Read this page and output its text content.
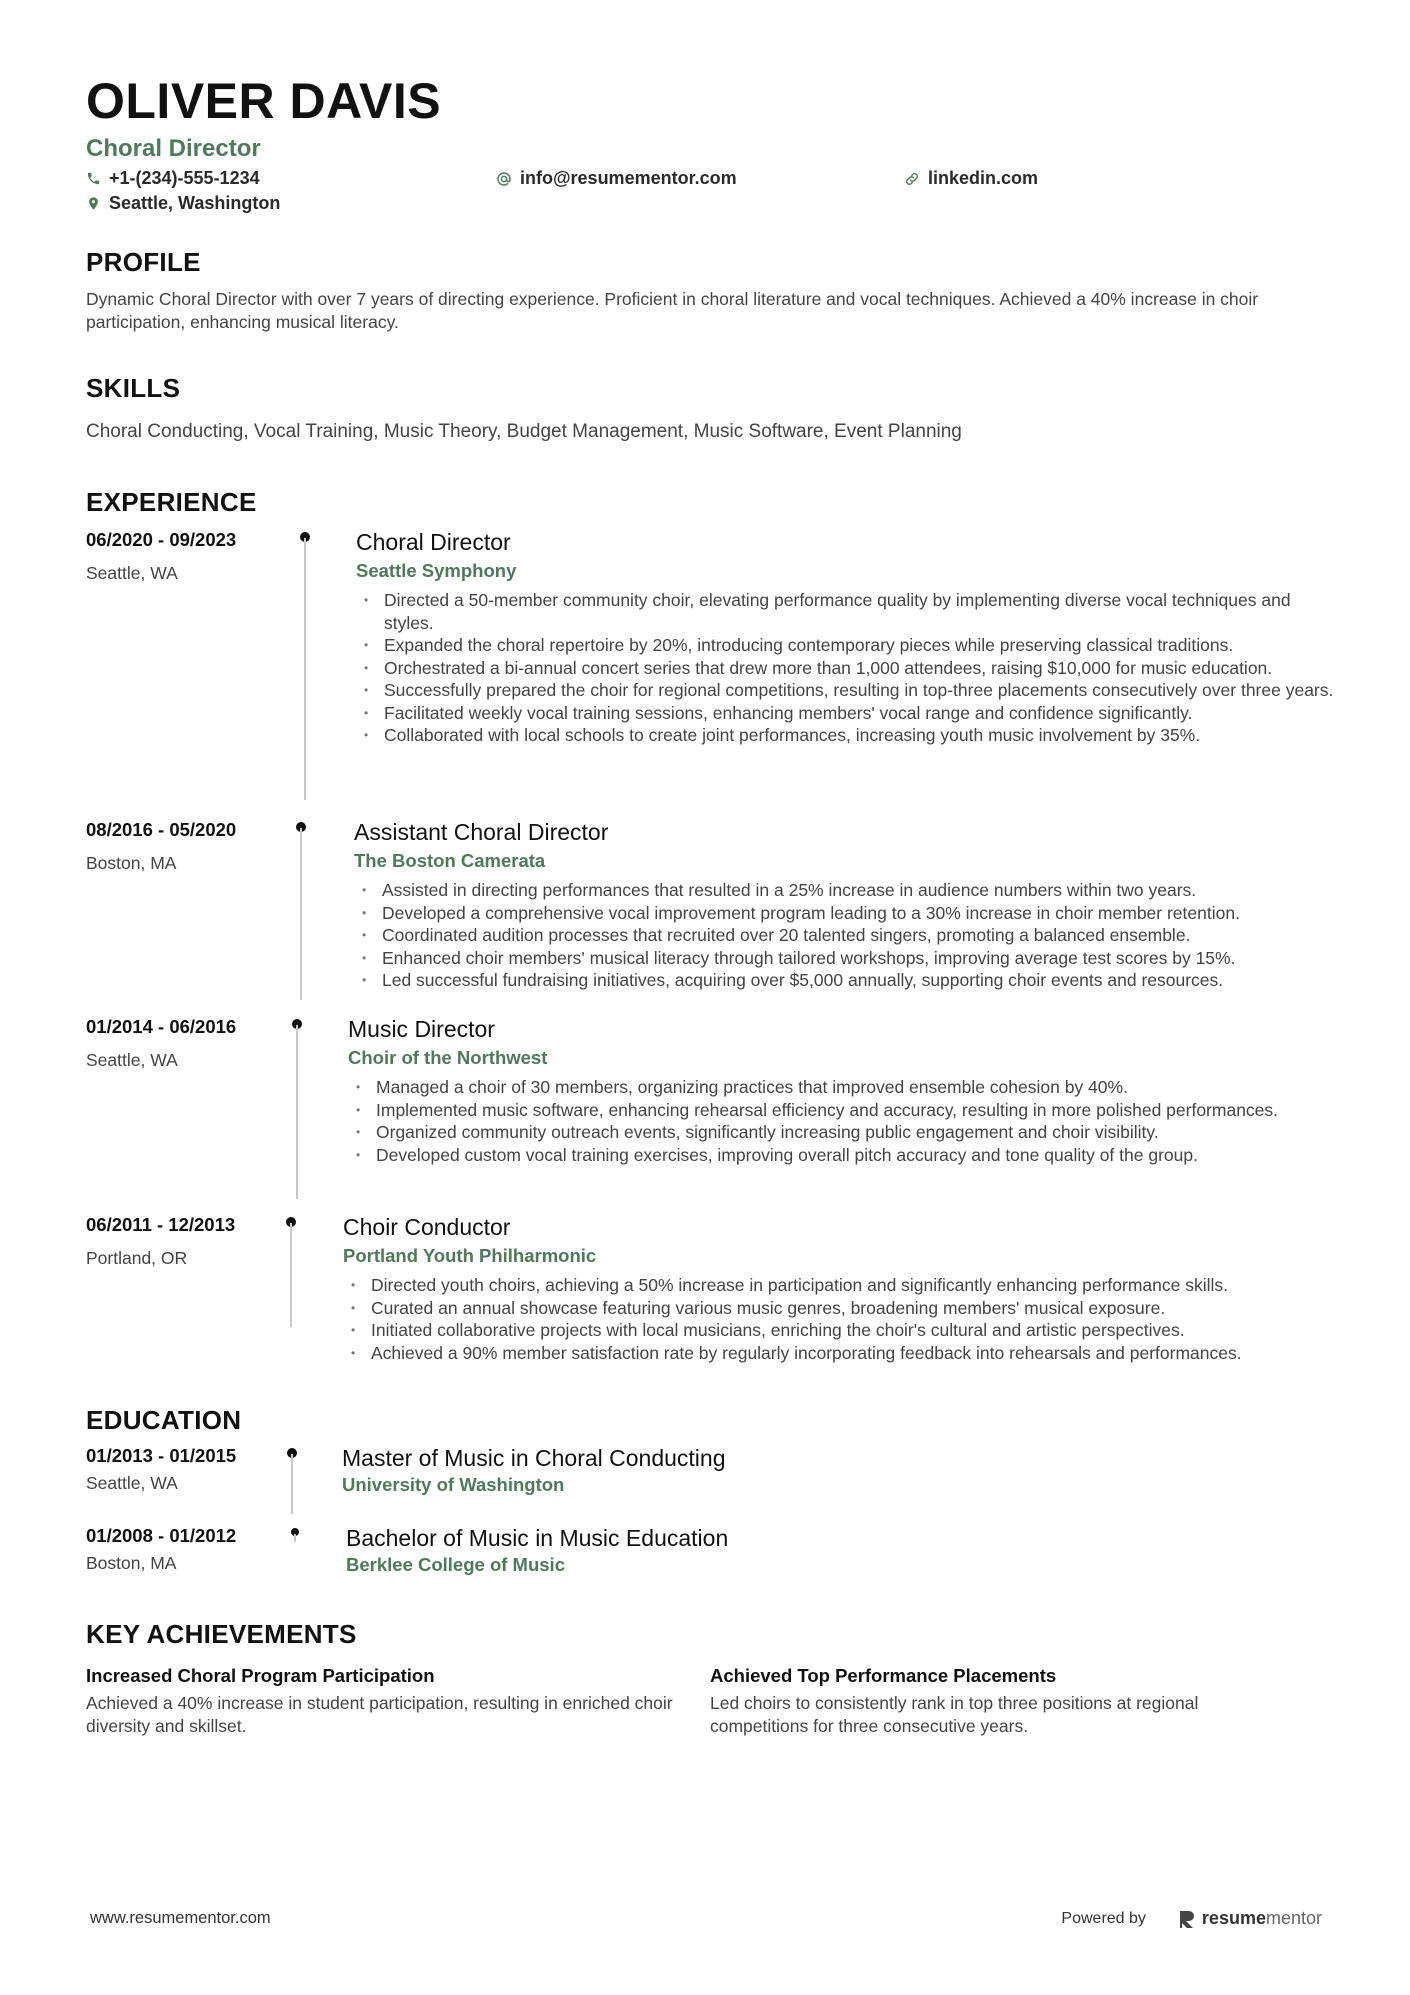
OLIVER DAVIS
Choral Director
+1-(234)-555-1234	info@resumementor.com	linkedin.com
Seattle, Washington
PROFILE
Dynamic Choral Director with over 7 years of directing experience. Proficient in choral literature and vocal techniques. Achieved a 40% increase in choir participation, enhancing musical literacy.
SKILLS
Choral Conducting, Vocal Training, Music Theory, Budget Management, Music Software, Event Planning
EXPERIENCE
06/2020 - 09/2023
Seattle, WA
Choral Director
Seattle Symphony
• Directed a 50-member community choir, elevating performance quality by implementing diverse vocal techniques and styles.
• Expanded the choral repertoire by 20%, introducing contemporary pieces while preserving classical traditions.
• Orchestrated a bi-annual concert series that drew more than 1,000 attendees, raising $10,000 for music education.
• Successfully prepared the choir for regional competitions, resulting in top-three placements consecutively over three years.
• Facilitated weekly vocal training sessions, enhancing members' vocal range and confidence significantly.
• Collaborated with local schools to create joint performances, increasing youth music involvement by 35%.
08/2016 - 05/2020
Boston, MA
Assistant Choral Director
The Boston Camerata
• Assisted in directing performances that resulted in a 25% increase in audience numbers within two years.
• Developed a comprehensive vocal improvement program leading to a 30% increase in choir member retention.
• Coordinated audition processes that recruited over 20 talented singers, promoting a balanced ensemble.
• Enhanced choir members' musical literacy through tailored workshops, improving average test scores by 15%.
• Led successful fundraising initiatives, acquiring over $5,000 annually, supporting choir events and resources.
01/2014 - 06/2016
Seattle, WA
Music Director
Choir of the Northwest
• Managed a choir of 30 members, organizing practices that improved ensemble cohesion by 40%.
• Implemented music software, enhancing rehearsal efficiency and accuracy, resulting in more polished performances.
• Organized community outreach events, significantly increasing public engagement and choir visibility.
• Developed custom vocal training exercises, improving overall pitch accuracy and tone quality of the group.
06/2011 - 12/2013
Portland, OR
Choir Conductor
Portland Youth Philharmonic
• Directed youth choirs, achieving a 50% increase in participation and significantly enhancing performance skills.
• Curated an annual showcase featuring various music genres, broadening members' musical exposure.
• Initiated collaborative projects with local musicians, enriching the choir's cultural and artistic perspectives.
• Achieved a 90% member satisfaction rate by regularly incorporating feedback into rehearsals and performances.
EDUCATION
01/2013 - 01/2015
Seattle, WA
Master of Music in Choral Conducting
University of Washington
01/2008 - 01/2012
Boston, MA
Bachelor of Music in Music Education
Berklee College of Music
KEY ACHIEVEMENTS
Increased Choral Program Participation
Achieved a 40% increase in student participation, resulting in enriched choir diversity and skillset.
Achieved Top Performance Placements
Led choirs to consistently rank in top three positions at regional competitions for three consecutive years.
www.resumementor.com	Powered by	resume mentor
